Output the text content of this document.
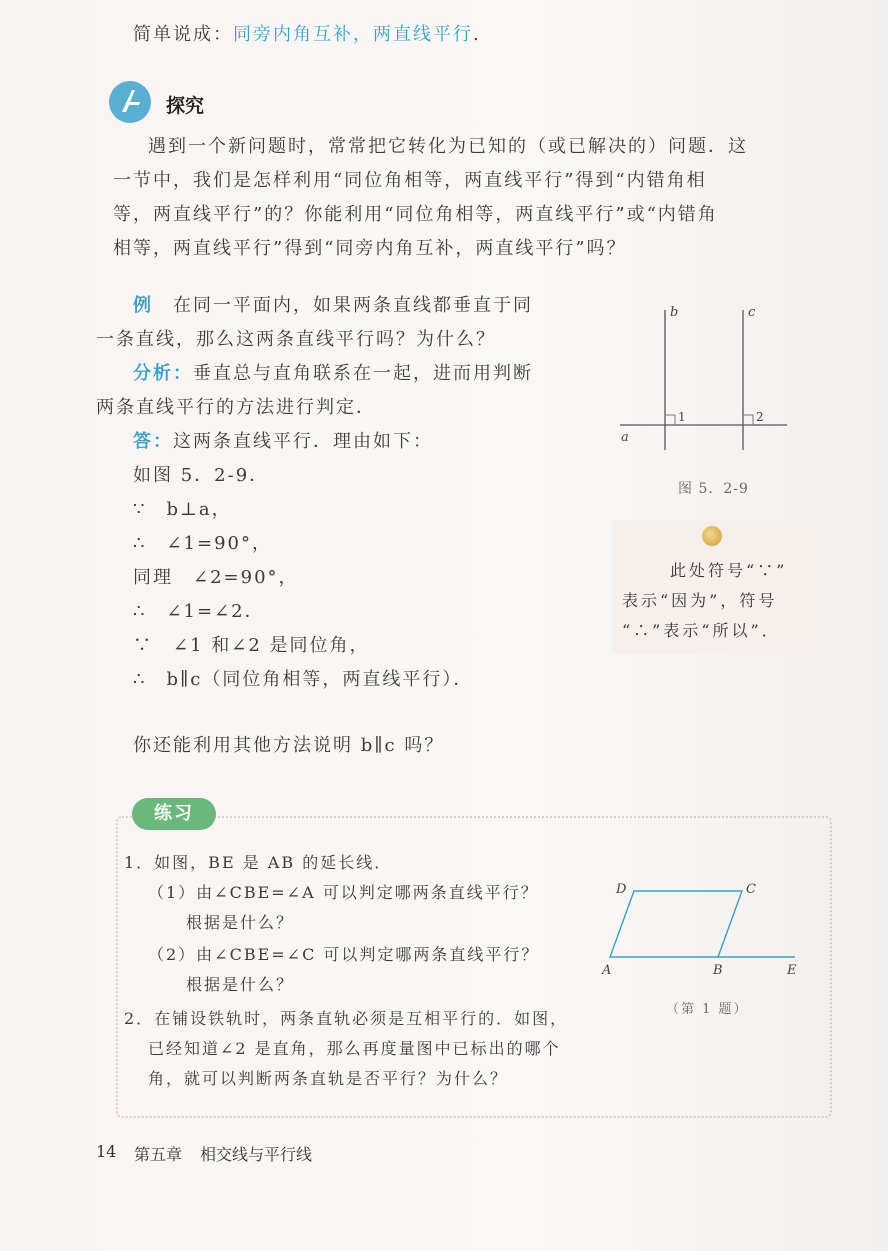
简单说成：同旁内角互补，两直线平行.
探究
遇到一个新问题时，常常把它转化为已知的（或已解决的）问题．这
一节中，我们是怎样利用“同位角相等，两直线平行”得到“内错角相
等，两直线平行”的？你能利用“同位角相等，两直线平行”或“内错角
相等，两直线平行”得到“同旁内角互补，两直线平行”吗？
例　 在同一平面内，如果两条直线都垂直于同
一条直线，那么这两条直线平行吗？为什么？
分析：垂直总与直角联系在一起，进而用判断
两条直线平行的方法进行判定．
答：这两条直线平行．理由如下：
如图 5．2-9．
∵　b⊥a，
∴　∠1=90°，
同理　∠2=90°，
∴　∠1=∠2．
∵　∠1 和∠2 是同位角，
∴　b∥c（同位角相等，两直线平行）．
你还能利用其他方法说明 b∥c 吗？
b	c
a
1	2
图 5．2-9
此处符号“∵”
表示“因为”，符号
“∴”表示“所以”．
练习
1．如图，BE 是 AB 的延长线．
（1）由∠CBE=∠A 可以判定哪两条直线平行？
根据是什么？
（2）由∠CBE=∠C 可以判定哪两条直线平行？
根据是什么？
2．在铺设铁轨时，两条直轨必须是互相平行的．如图，
已经知道∠2 是直角，那么再度量图中已标出的哪个
角，就可以判断两条直轨是否平行？为什么？
D	C
A	B	E
（第 1 题）
14 第五章 相交线与平行线
